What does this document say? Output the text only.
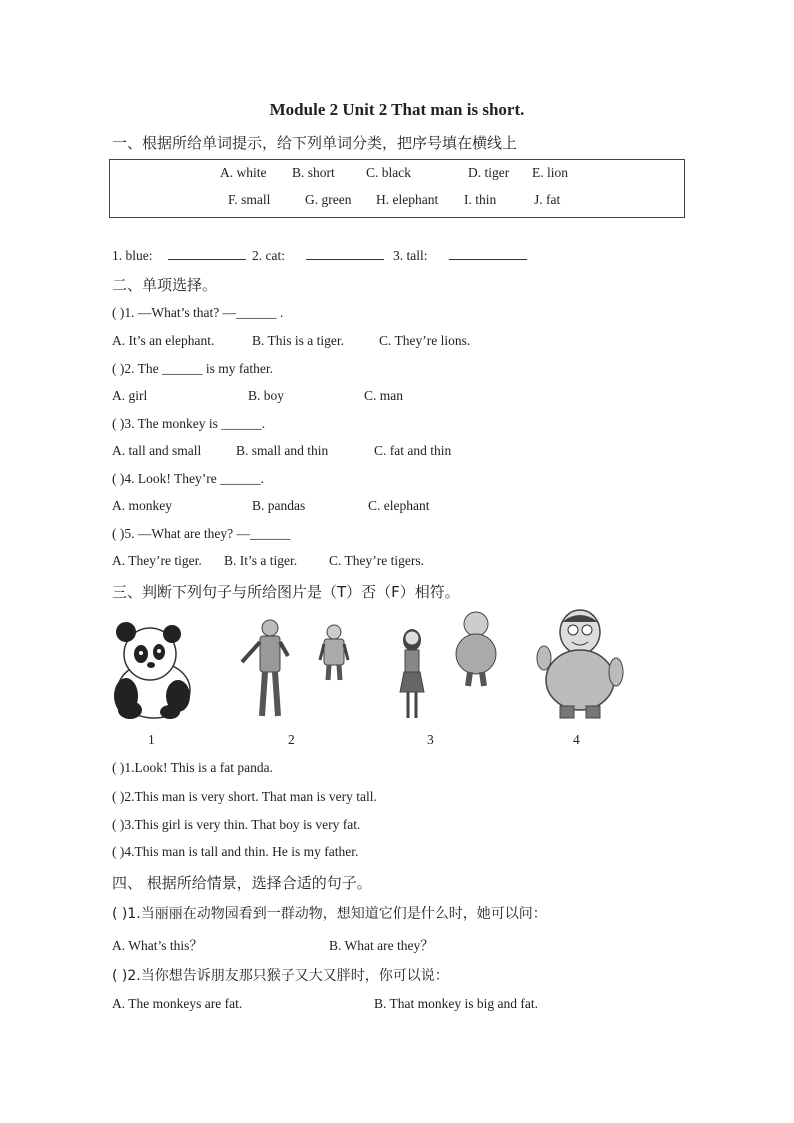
Module 2 Unit 2 That man is short.
一、根据所给单词提示，给下列单词分类，把序号填在横线上
A. white B. short C. black	D. tiger E. lion
F. small	G. green H. elephant I. thin	J. fat
1. blue:	2. cat:	3. tall:
二、单项选择。
( )1. —What’s that? —______ .
A. It’s an elephant.	B. This is a tiger.	C. They’re lions.
( )2. The ______ is my father.
A. girl	B. boy	C. man
( )3. The monkey is ______.
A. tall and small	B. small and thin	C. fat and thin
( )4. Look! They’re ______.
A. monkey	B. pandas	C. elephant
( )5. —What are they? —______
A. They’re tiger. B. It’s a tiger. C. They’re tigers.
三、判断下列句子与所给图片是（T）否（F）相符。
1	2	3	4
( )1.Look! This is a fat panda.
( )2.This man is very short. That man is very tall.
( )3.This girl is very thin. That boy is very fat.
( )4.This man is tall and thin. He is my father.
四、 根据所给情景，选择合适的句子。
( )1.当丽丽在动物园看到一群动物，想知道它们是什么时，她可以问：
A. What’s this？	B. What are they？
( )2.当你想告诉朋友那只猴子又大又胖时，你可以说：
A. The monkeys are fat.	B. That monkey is big and fat.
